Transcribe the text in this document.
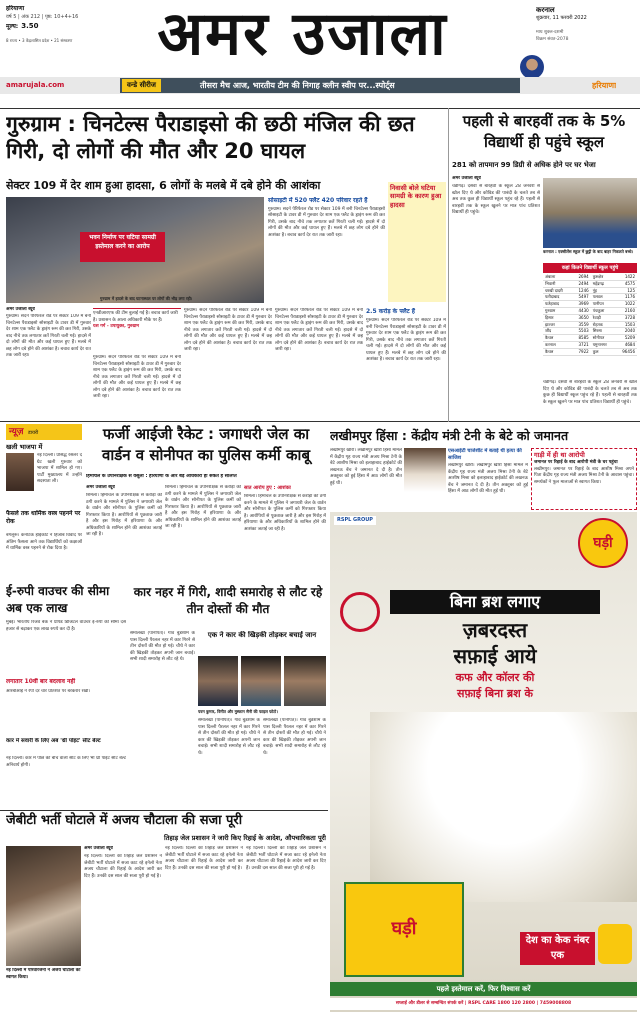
हरियाणा
वर्ष 5 | अंक 212 | पृष्ठ: 10+4+16
मूल्य: 3.50
8 राज्य • 3 केंद्रशासित प्रदेश • 21 संस्करण	अमर उजाला	करनाल
शुक्रवार, 11 फरवरी 2022
माघ शुक्ल-दशमी
विक्रम संवत-2078
amarujala.com	तीसरा मैच आज, भारतीय टीम की निगाह क्लीन स्वीप पर...स्पोर्ट्स
वन्डे सीरीज	हरियाणा
गुरुग्राम : चिनटेल्स पैराडाइसो की छठी मंजिल की छत गिरी, दो लोगों की मौत और 20 घायल
सेक्टर 109 में देर शाम हुआ हादसा, 6 लोगों के मलबे में दबे होने की आशंका
भवन निर्माण पर घटिया सामग्री इस्तेमाल करने का आरोप
गुरुग्राम में हादसे के बाद घटनास्थल पर लोगों की भीड़ लगा रही।
निवासी बोले घटिया सामग्री के कारण हुआ हादसा
सोसाइटी में 520 फ्लैट 420 परिवार रहते हैं
गुरुग्राम। सदर्न पेरिफेरल रोड पर सेक्टर 109 में बनी चिनटेल्स पैराडाइसो सोसाइटी के टावर डी में गुरुवार देर शाम एक फ्लैट के ड्राइंग रूम की छत गिरी, उसके बाद नीचे तक लगातार छतें गिरती चली गईं। हादसे में दो लोगों की मौत और कई घायल हुए हैं। मलबे में छह लोग दबे होने की आशंका है। बचाव कार्य देर रात तक जारी रहा।
अमर उजाला ब्यूरो
गुरुग्राम। सदर्न पेरिफेरल रोड पर सेक्टर 109 में बनी चिनटेल्स पैराडाइसो सोसाइटी के टावर डी में गुरुवार देर शाम एक फ्लैट के ड्राइंग रूम की छत गिरी, उसके बाद नीचे तक लगातार छतें गिरती चली गईं। हादसे में दो लोगों की मौत और कई घायल हुए हैं। मलबे में छह लोग दबे होने की आशंका है। बचाव कार्य देर रात तक जारी रहा।
एनडीआरएफ की टीम बुलाई गई है। बचाव कार्य जारी है। प्रशासन के आला अधिकारी मौके पर हैं।
यश गर्ग - उपायुक्त, गुरुग्राम
गुरुग्राम। सदर्न पेरिफेरल रोड पर सेक्टर 109 में बनी चिनटेल्स पैराडाइसो सोसाइटी के टावर डी में गुरुवार देर शाम एक फ्लैट के ड्राइंग रूम की छत गिरी, उसके बाद नीचे तक लगातार छतें गिरती चली गईं। हादसे में दो लोगों की मौत और कई घायल हुए हैं। मलबे में छह लोग दबे होने की आशंका है। बचाव कार्य देर रात तक जारी रहा।
गुरुग्राम। सदर्न पेरिफेरल रोड पर सेक्टर 109 में बनी चिनटेल्स पैराडाइसो सोसाइटी के टावर डी में गुरुवार देर शाम एक फ्लैट के ड्राइंग रूम की छत गिरी, उसके बाद नीचे तक लगातार छतें गिरती चली गईं। हादसे में दो लोगों की मौत और कई घायल हुए हैं। मलबे में छह लोग दबे होने की आशंका है। बचाव कार्य देर रात तक जारी रहा।
गुरुग्राम। सदर्न पेरिफेरल रोड पर सेक्टर 109 में बनी चिनटेल्स पैराडाइसो सोसाइटी के टावर डी में गुरुवार देर शाम एक फ्लैट के ड्राइंग रूम की छत गिरी, उसके बाद नीचे तक लगातार छतें गिरती चली गईं। हादसे में दो लोगों की मौत और कई घायल हुए हैं। मलबे में छह लोग दबे होने की आशंका है। बचाव कार्य देर रात तक जारी रहा।
2.5 करोड़ के फ्लैट हैं
गुरुग्राम। सदर्न पेरिफेरल रोड पर सेक्टर 109 में बनी चिनटेल्स पैराडाइसो सोसाइटी के टावर डी में गुरुवार देर शाम एक फ्लैट के ड्राइंग रूम की छत गिरी, उसके बाद नीचे तक लगातार छतें गिरती चली गईं। हादसे में दो लोगों की मौत और कई घायल हुए हैं। मलबे में छह लोग दबे होने की आशंका है। बचाव कार्य देर रात तक जारी रहा।
पहली से बारहवीं तक के 5% विद्यार्थी ही पहुंचे स्कूल
281 को तापमान 99 डिग्री से अधिक होने पर घर भेजा
अमर उजाला ब्यूरो
चंडीगढ़। दसवीं से बारहवीं के स्कूल 28 जनवरी से खोल दिए थे और कोविड की पाबंदी के चलते तब से अब तक कुछ ही विद्यार्थी स्कूल पहुंच रहे हैं। पहली से बारहवीं तक के स्कूल खुलने पर मात्र पांच प्रतिशत विद्यार्थी ही पहुंचे।
करनाल : एक्सीलेंस स्कूल में छुट्टी के बाद बाहर निकलते बच्चे।
कहां कितने विद्यार्थी स्कूल पहुंचे
अंबाला	2694	कुरुक्षेत्र	1422
भिवानी	2494	महेंद्रगढ़	4575
चरखी दादरी	1246	नूंह	125
फरीदाबाद	5497	पलवल	1176
फतेहाबाद	3969	पानीपत	1022
गुरुग्राम	4430	पंचकूला	2160
हिसार	3650	रेवाड़ी	3728
झज्जर	3559	रोहतक	1503
जींद	5503	सिरसा	2040
कैथल	8585	सोनीपत	5209
करनाल	3721	यमुनानगर	4684
कैथल	7922	कुल	96456
चंडीगढ़। दसवीं से बारहवीं के स्कूल 28 जनवरी से खोल दिए थे और कोविड की पाबंदी के चलते तब से अब तक कुछ ही विद्यार्थी स्कूल पहुंच रहे हैं। पहली से बारहवीं तक के स्कूल खुलने पर मात्र पांच प्रतिशत विद्यार्थी ही पहुंचे।
न्यूज़ डायरी
खली भाजपा में
नई दिल्ली। प्रसिद्ध रेसलर द ग्रेट खली गुरुवार को भाजपा में शामिल हो गए। पार्टी मुख्यालय में उन्होंने सदस्यता ली।
फैसले तक धार्मिक वस्त्र पहनने पर रोक
बंगलूरू। कर्नाटक हाईकोर्ट ने हिजाब विवाद पर अंतिम फैसला आने तक विद्यार्थियों को कक्षाओं में धार्मिक वस्त्र पहनने से रोक दिया है।
फर्जी आईजी रैकेट : जगाधरी जेल का वार्डन व सोनीपत का पुलिस कर्मी काबू
हिमाचल के उपनिरीक्षक से वसूली : हरियाणा के और बड़े अधिकारी हो सकते हैं संलिप्त
अमर उजाला ब्यूरो
शिमला। हिमाचल के उपनिरीक्षक से करोड़ों की ठगी करने के मामले में पुलिस ने जगाधरी जेल के वार्डन और सोनीपत के पुलिस कर्मी को गिरफ्तार किया है। आरोपियों से पूछताछ जारी है और इस गिरोह में हरियाणा के और अधिकारियों के शामिल होने की आशंका जताई जा रही है।
शिमला। हिमाचल के उपनिरीक्षक से करोड़ों की ठगी करने के मामले में पुलिस ने जगाधरी जेल के वार्डन और सोनीपत के पुलिस कर्मी को गिरफ्तार किया है। आरोपियों से पूछताछ जारी है और इस गिरोह में हरियाणा के और अधिकारियों के शामिल होने की आशंका जताई जा रही है।
सात आरोप हुए : आशंका
शिमला। हिमाचल के उपनिरीक्षक से करोड़ों की ठगी करने के मामले में पुलिस ने जगाधरी जेल के वार्डन और सोनीपत के पुलिस कर्मी को गिरफ्तार किया है। आरोपियों से पूछताछ जारी है और इस गिरोह में हरियाणा के और अधिकारियों के शामिल होने की आशंका जताई जा रही है।
लखीमपुर हिंसा : केंद्रीय मंत्री टेनी के बेटे को जमानत
लखीमपुर खीरी। लखीमपुर खीरी हिंसा मामले में केंद्रीय गृह राज्य मंत्री अजय मिश्रा टेनी के बेटे आशीष मिश्रा को इलाहाबाद हाईकोर्ट की लखनऊ बेंच ने जमानत दे दी है। तीन अक्तूबर को हुई हिंसा में आठ लोगों की मौत हुई थी।
एसआईटी चार्जशीट में बताई थी हत्या की साजिश
लखीमपुर खीरी। लखीमपुर खीरी हिंसा मामले में केंद्रीय गृह राज्य मंत्री अजय मिश्रा टेनी के बेटे आशीष मिश्रा को इलाहाबाद हाईकोर्ट की लखनऊ बेंच ने जमानत दे दी है। तीन अक्तूबर को हुई हिंसा में आठ लोगों की मौत हुई थी।
गाड़ी में ही था आरोपी
जमानत पर रिहाई के बाद आरोपी मंत्री के घर पहुंचा
लखीमपुर। जमानत पर रिहाई के बाद आशीष मिश्रा अपने पिता केंद्रीय गृह राज्य मंत्री अजय मिश्रा टेनी के आवास पहुंचा। समर्थकों ने फूल मालाओं से स्वागत किया।
ई-रुपी वाउचर की सीमा अब एक लाख
मुंबई। भारतीय रिजर्व बैंक ने प्रीपेड डिजिटल वाउचर ई-रुपी की सीमा दस हजार से बढ़ाकर एक लाख रुपये कर दी है।
लगातार 10वीं बार बदलाव नहीं
आरबीआई ने रेपो दर चार प्रतिशत पर बरकरार रखी।
कार में सवारी के लिए अब 'थ्री पॉइंट' सीट बेल्ट
नई दिल्ली। कार में पीछे की बीच वाली सीट के लिए भी थ्री पॉइंट सीट बेल्ट अनिवार्य होगी।
कार नहर में गिरी, शादी समारोह से लौट रहे तीन दोस्तों की मौत
समालखा (पानीपत)। गांव बुडशाम के पास दिल्ली पैरलल नहर में कार गिरने से तीन दोस्तों की मौत हो गई। चौथे ने कार की खिड़की तोड़कर अपनी जान बचाई। सभी शादी समारोह से लौट रहे थे।
एक ने कार की खिड़की तोड़कर बचाई जान
पवन कुमार, विनीत और मुस्कान सैनी की फाइल फोटो।
समालखा (पानीपत)। गांव बुडशाम के पास दिल्ली पैरलल नहर में कार गिरने से तीन दोस्तों की मौत हो गई। चौथे ने कार की खिड़की तोड़कर अपनी जान बचाई। सभी शादी समारोह से लौट रहे थे।
समालखा (पानीपत)। गांव बुडशाम के पास दिल्ली पैरलल नहर में कार गिरने से तीन दोस्तों की मौत हो गई। चौथे ने कार की खिड़की तोड़कर अपनी जान बचाई। सभी शादी समारोह से लौट रहे थे।
जेबीटी भर्ती घोटाले में अजय चौटाला की सजा पूरी
तिहाड़ जेल प्रशासन ने जारी किए रिहाई के आदेश, औपचारिकता पूरी
नई दिल्ली में परिवारजनों ने अजय चौटाला का स्वागत किया।
अमर उजाला ब्यूरो
नई दिल्ली। दिल्ली की तिहाड़ जेल प्रशासन ने जेबीटी भर्ती घोटाले में सजा काट रहे इनेलो नेता अजय चौटाला की रिहाई के आदेश जारी कर दिए हैं। उनकी दस साल की सजा पूरी हो गई है।
नई दिल्ली। दिल्ली की तिहाड़ जेल प्रशासन ने जेबीटी भर्ती घोटाले में सजा काट रहे इनेलो नेता अजय चौटाला की रिहाई के आदेश जारी कर दिए हैं। उनकी दस साल की सजा पूरी हो गई है।
नई दिल्ली। दिल्ली की तिहाड़ जेल प्रशासन ने जेबीटी भर्ती घोटाले में सजा काट रहे इनेलो नेता अजय चौटाला की रिहाई के आदेश जारी कर दिए हैं। उनकी दस साल की सजा पूरी हो गई है।
RSPL GROUP
घड़ी
बिना ब्रश लगाए
ज़बरदस्त
सफ़ाई आये
कफ और कॉलर की
सफ़ाई बिना ब्रश के
घड़ी
देश का केक नंबर एक
पहले इस्तेमाल करें, फिर विश्वास करें
सप्लाई और डीलर से सम्बन्धित संपर्क करें | RSPL CARE 1800 120 2800 | 7459008808
